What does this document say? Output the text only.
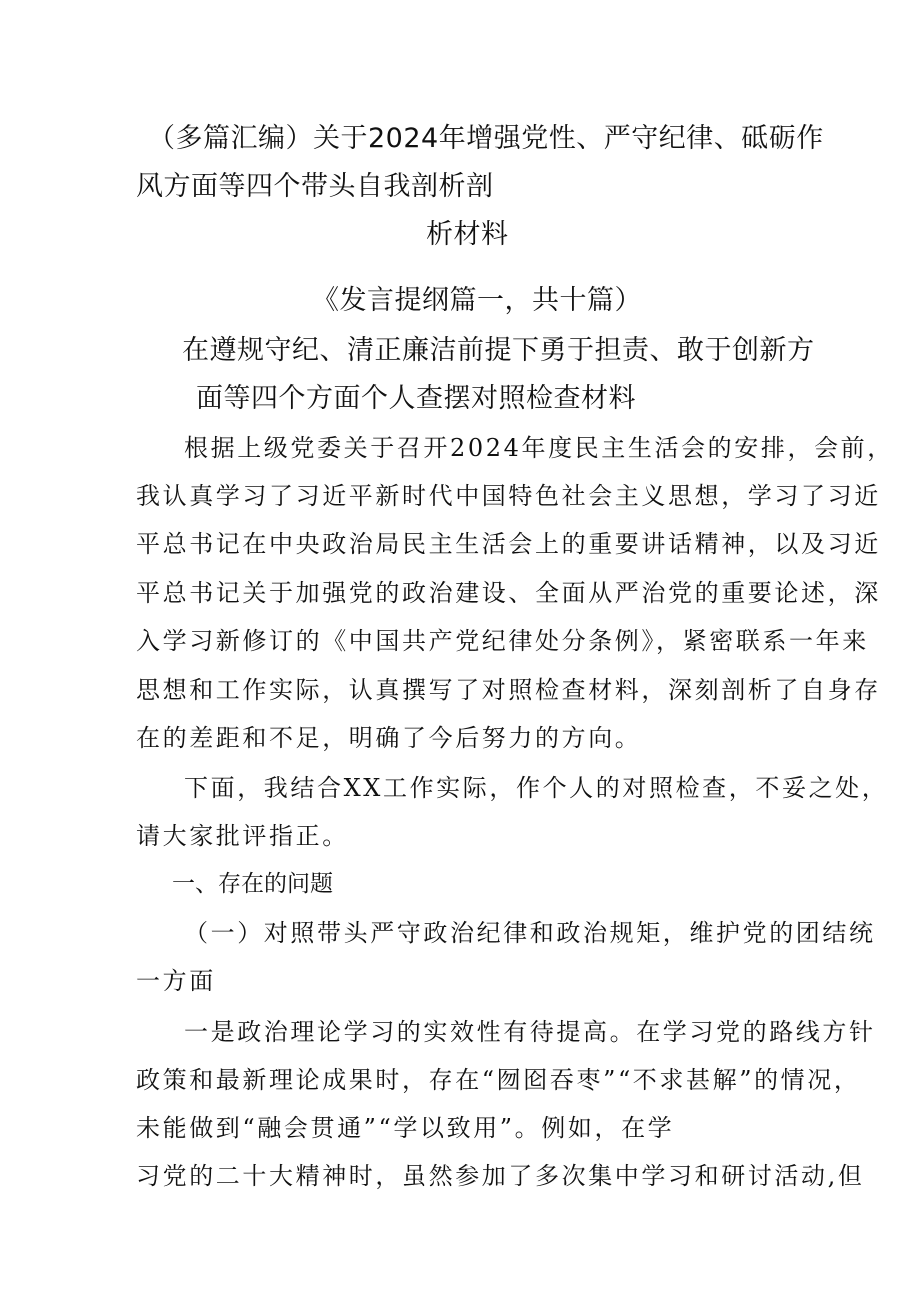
（多篇汇编）关于2024年增强党性、严守纪律、砥砺作

风方面等四个带头自我剖析剖

析材料

《发言提纲篇一，共十篇）

在遵规守纪、清正廉洁前提下勇于担责、敢于创新方

面等四个方面个人查摆对照检查材料

根据上级党委关于召开2024年度民主生活会的安排，会前，

我认真学习了习近平新时代中国特色社会主义思想，学习了习近

平总书记在中央政治局民主生活会上的重要讲话精神，以及习近

平总书记关于加强党的政治建设、全面从严治党的重要论述，深

入学习新修订的《中国共产党纪律处分条例》，紧密联系一年来

思想和工作实际，认真撰写了对照检查材料，深刻剖析了自身存

在的差距和不足，明确了今后努力的方向。

下面，我结合XX工作实际，作个人的对照检查，不妥之处，

请大家批评指正。

一、存在的问题

（一）对照带头严守政治纪律和政治规矩，维护党的团结统

一方面

一是政治理论学习的实效性有待提高。在学习党的路线方针

政策和最新理论成果时，存在“囫囵吞枣”“不求甚解”的情况，

未能做到“融会贯通”“学以致用”。例如，在学

习党的二十大精神时，虽然参加了多次集中学习和研讨活动,但
